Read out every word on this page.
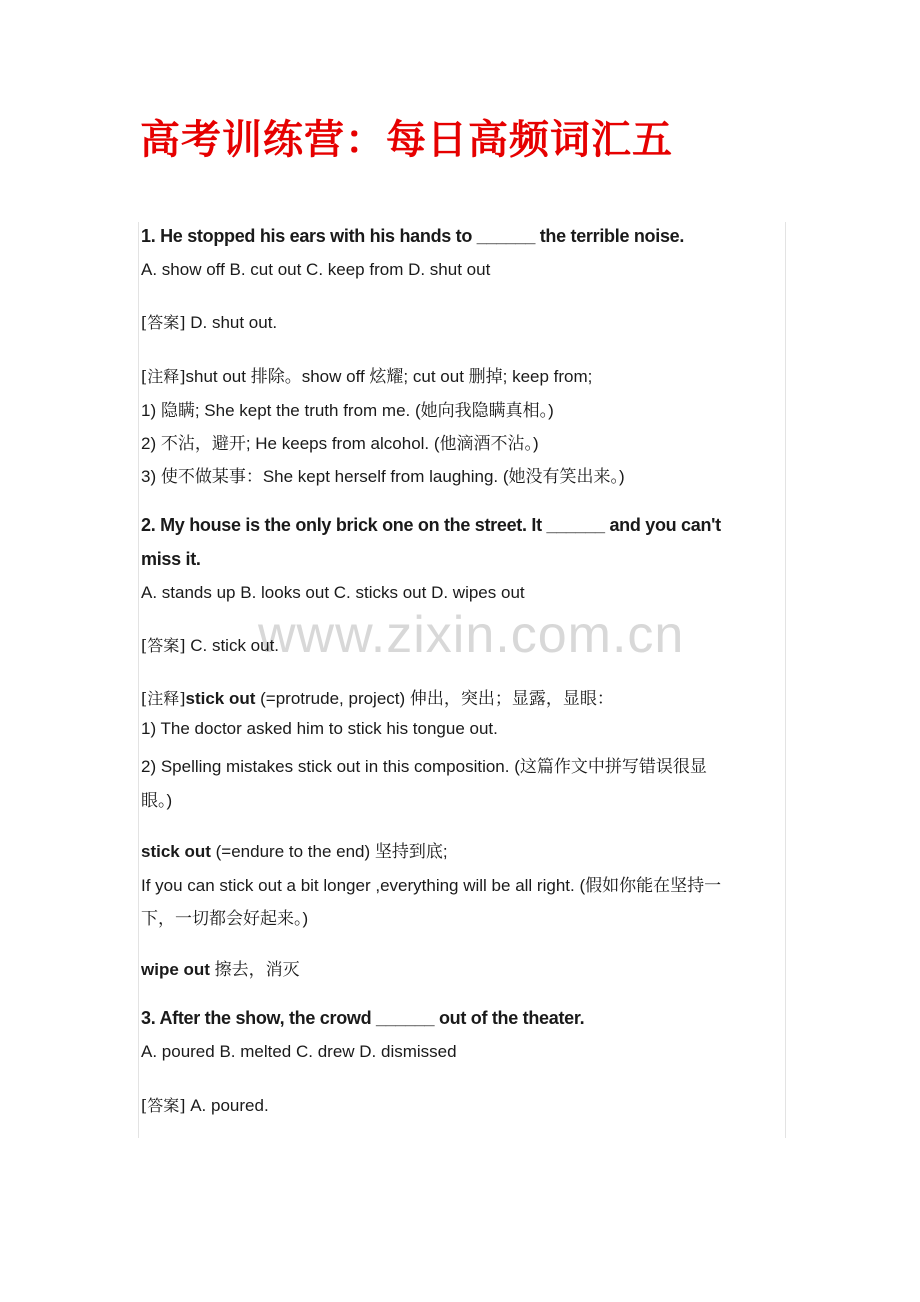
高考训练营：每日高频词汇五
www.zixin.com.cn
1. He stopped his ears with his hands to ______ the terrible noise.
A. show off B. cut out C. keep from D. shut out
[答案] D. shut out.
[注释]shut out 排除。show off 炫耀; cut out 删掉; keep from;
1) 隐瞒; She kept the truth from me. (她向我隐瞒真相。)
2) 不沾，避开; He keeps from alcohol. (他滴酒不沾。)
3) 使不做某事：She kept herself from laughing. (她没有笑出来。)
2. My house is the only brick one on the street. It ______ and you can't
miss it.
A. stands up B. looks out C. sticks out D. wipes out
[答案] C. stick out.
[注释]stick out (=protrude, project) 伸出，突出；显露，显眼：
1) The doctor asked him to stick his tongue out.
2) Spelling mistakes stick out in this composition. (这篇作文中拼写错误很显
眼。)
stick out (=endure to the end) 坚持到底;
If you can stick out a bit longer ,everything will be all right. (假如你能在坚持一
下，一切都会好起来。)
wipe out 擦去，消灭
3. After the show, the crowd ______ out of the theater.
A. poured B. melted C. drew D. dismissed
[答案] A. poured.
